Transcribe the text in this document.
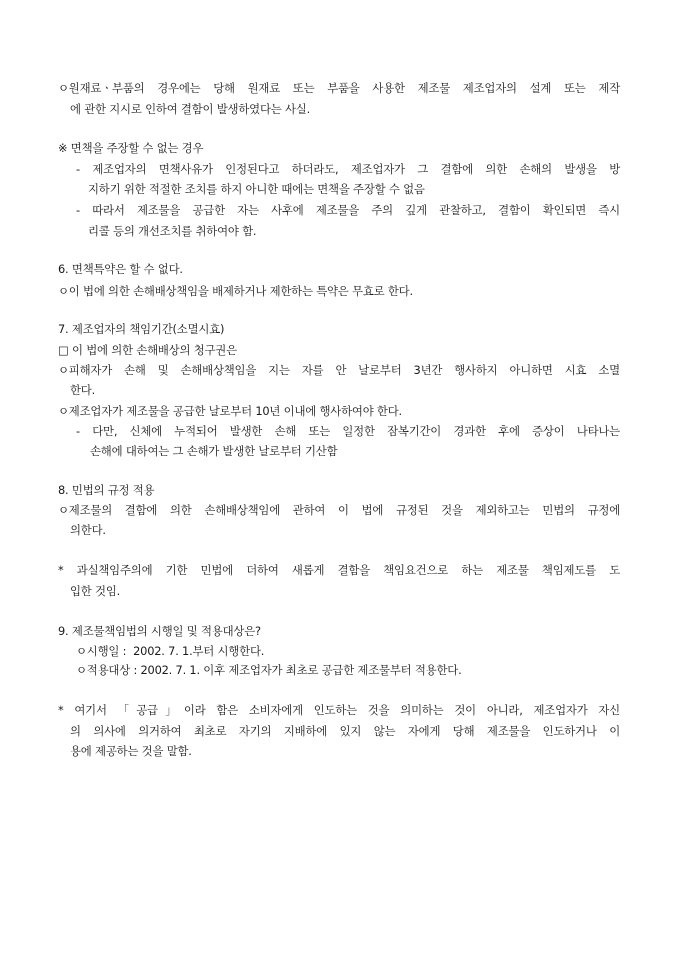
ㅇ원재료ㆍ부품의 경우에는 당해 원재료 또는 부품을 사용한 제조물 제조업자의 설계 또는 제작
에 관한 지시로 인하여 결함이 발생하였다는 사실.
※ 면책을 주장할 수 없는 경우
- 제조업자의 면책사유가 인정된다고 하더라도, 제조업자가 그 결함에 의한 손해의 발생을 방
지하기 위한 적절한 조치를 하지 아니한 때에는 면책을 주장할 수 없음
- 따라서 제조물을 공급한 자는 사후에 제조물을 주의 깊게 관찰하고, 결함이 확인되면 즉시
리콜 등의 개선조치를 취하여야 함.
6. 면책특약은 할 수 없다.
ㅇ이 법에 의한 손해배상책임을 배제하거나 제한하는 특약은 무효로 한다.
7. 제조업자의 책임기간(소멸시효)
□ 이 법에 의한 손해배상의 청구권은
ㅇ피해자가 손해 및 손해배상책임을 지는 자를 안 날로부터 3년간 행사하지 아니하면 시효 소멸
한다.
ㅇ제조업자가 제조물을 공급한 날로부터 10년 이내에 행사하여야 한다.
- 다만, 신체에 누적되어 발생한 손해 또는 일정한 잠복기간이 경과한 후에 증상이 나타나는
손해에 대하여는 그 손해가 발생한 날로부터 기산함
8. 민법의 규정 적용
ㅇ제조물의 결함에 의한 손해배상책임에 관하여 이 법에 규정된 것을 제외하고는 민법의 규정에
의한다.
* 과실책임주의에 기한 민법에 더하여 새롭게 결함을 책임요건으로 하는 제조물 책임제도를 도
입한 것임.
9. 제조물책임법의 시행일 및 적용대상은?
ㅇ시행일 :  2002. 7. 1.부터 시행한다.
ㅇ적용대상 : 2002. 7. 1. 이후 제조업자가 최초로 공급한 제조물부터 적용한다.
* 여기서 「공급」이라 함은 소비자에게 인도하는 것을 의미하는 것이 아니라, 제조업자가 자신
의 의사에 의거하여 최초로 자기의 지배하에 있지 않는 자에게 당해 제조물을 인도하거나 이
용에 제공하는 것을 말함.
